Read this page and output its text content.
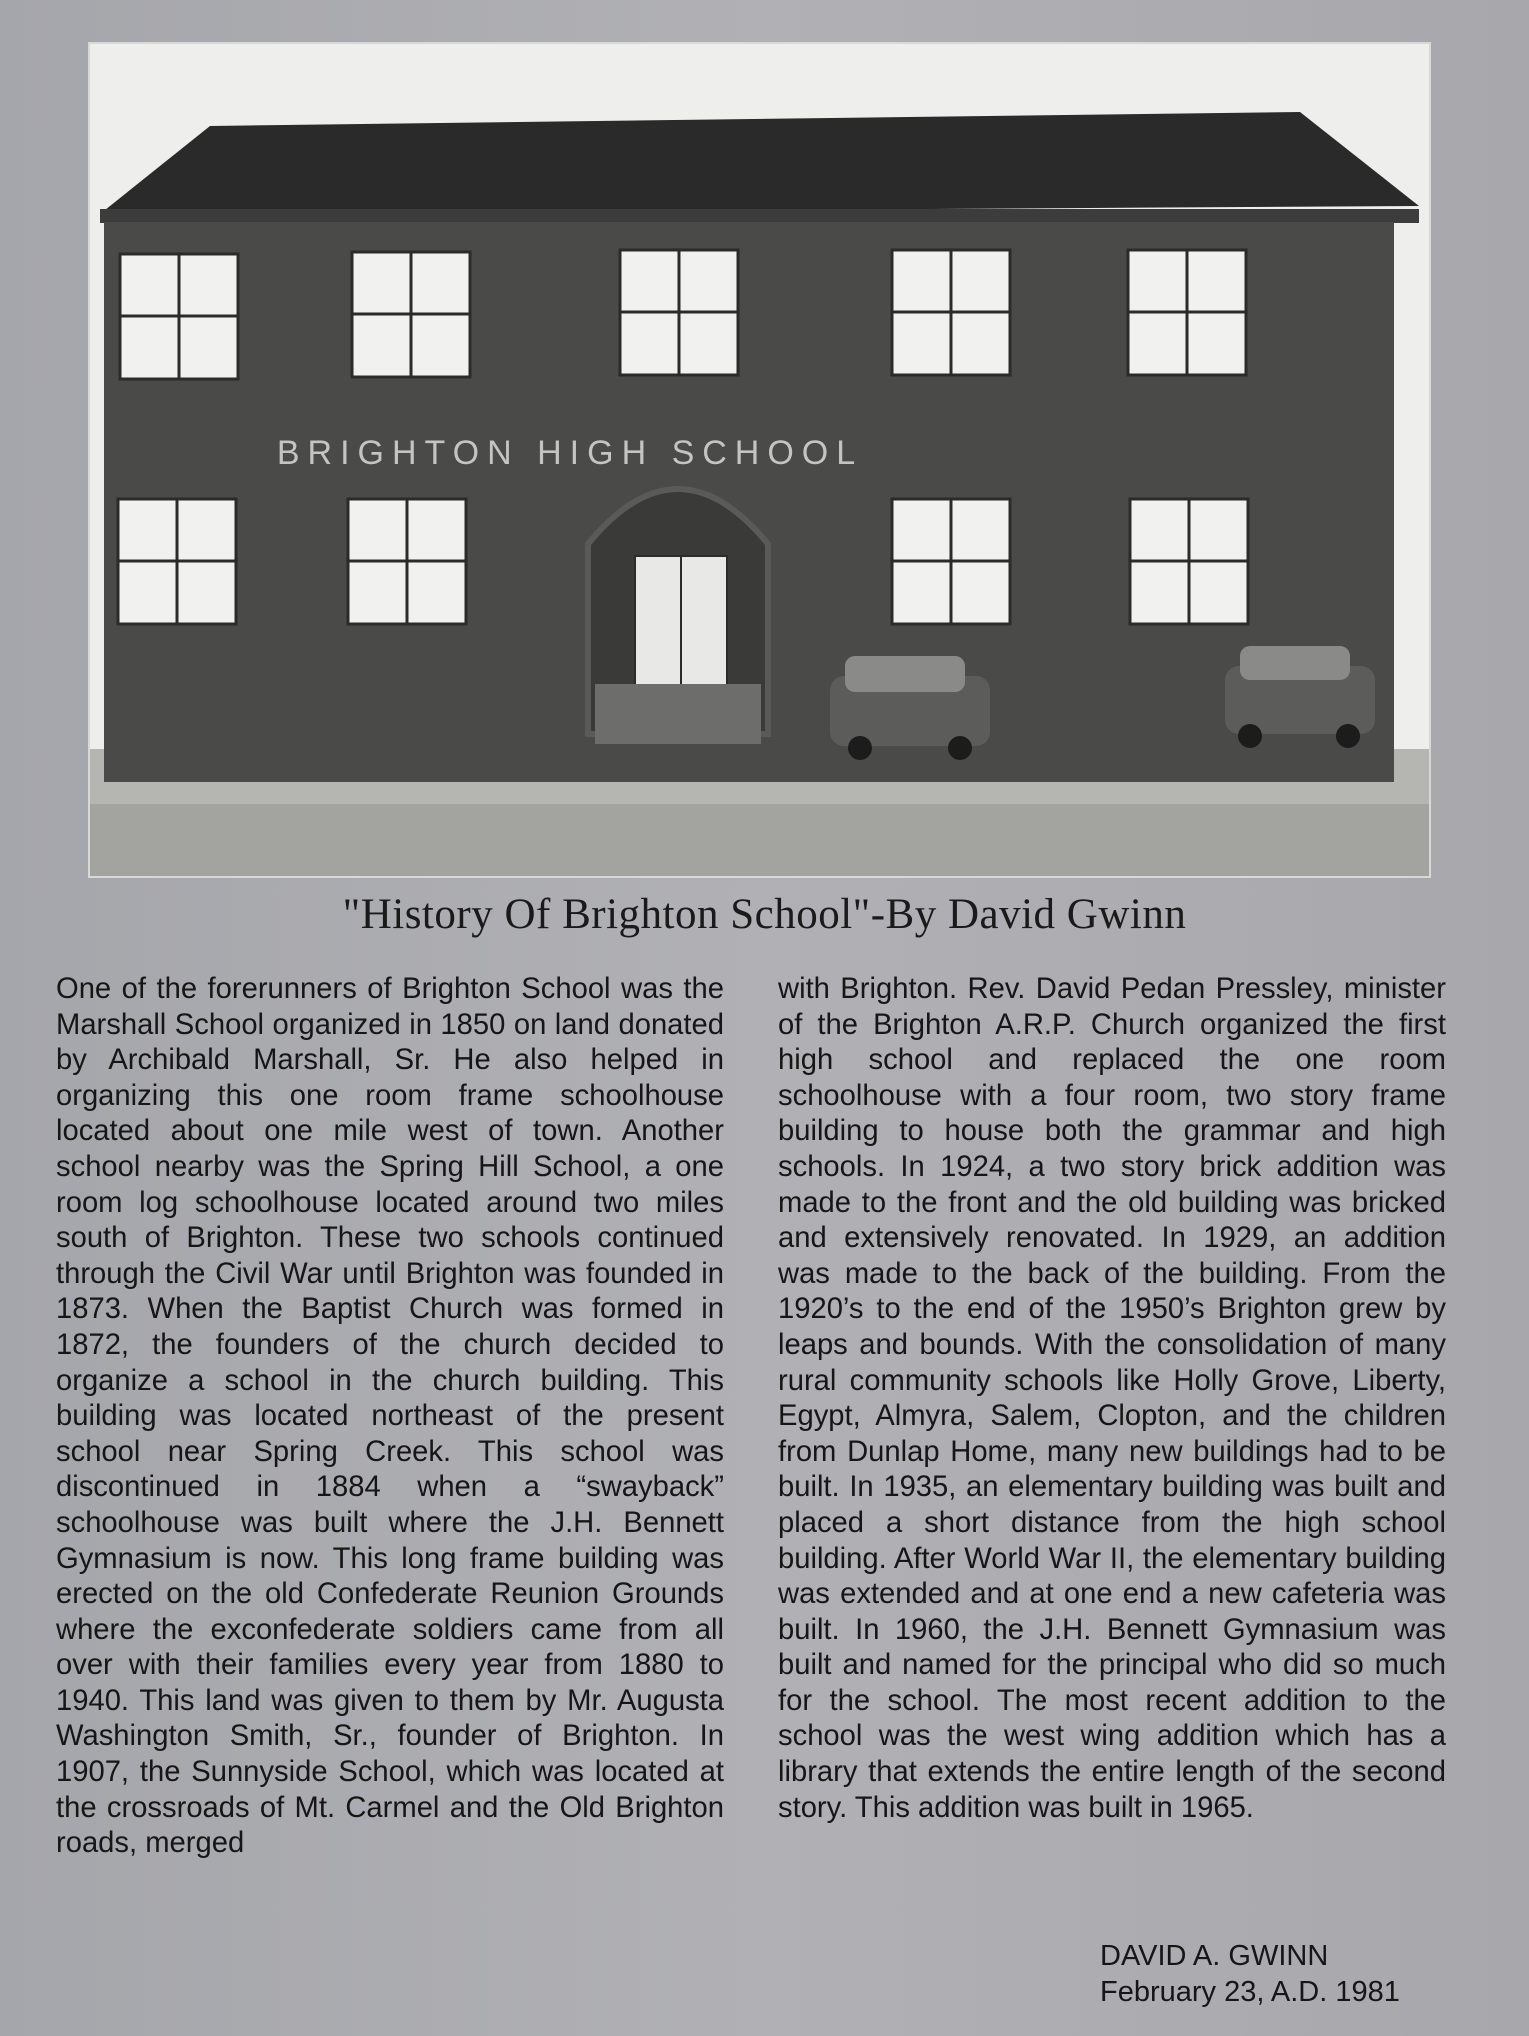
BRIGHTON HIGH SCHOOL
"History Of Brighton School"-By David Gwinn

One of the forerunners of Brighton School was the Marshall School organized in 1850 on land donated by Archibald Marshall, Sr. He also helped in organizing this one room frame schoolhouse located about one mile west of town. Another school nearby was the Spring Hill School, a one room log schoolhouse located around two miles south of Brighton. These two schools continued through the Civil War until Brighton was founded in 1873. When the Baptist Church was formed in 1872, the founders of the church decided to organize a school in the church building. This building was located northeast of the present school near Spring Creek. This school was discontinued in 1884 when a “swayback” schoolhouse was built where the J.H. Bennett Gymnasium is now. This long frame building was erected on the old Confederate Reunion Grounds where the exconfederate soldiers came from all over with their families every year from 1880 to 1940. This land was given to them by Mr. Augusta Washington Smith, Sr., founder of Brighton. In 1907, the Sunnyside School, which was located at the crossroads of Mt. Carmel and the Old Brighton roads, merged

with Brighton. Rev. David Pedan Pressley, minister of the Brighton A.R.P. Church organized the first high school and replaced the one room schoolhouse with a four room, two story frame building to house both the grammar and high schools. In 1924, a two story brick addition was made to the front and the old building was bricked and extensively renovated. In 1929, an addition was made to the back of the building. From the 1920’s to the end of the 1950’s Brighton grew by leaps and bounds. With the consolidation of many rural community schools like Holly Grove, Liberty, Egypt, Almyra, Salem, Clopton, and the children from Dunlap Home, many new buildings had to be built. In 1935, an elementary building was built and placed a short distance from the high school building. After World War II, the elementary building was extended and at one end a new cafeteria was built. In 1960, the J.H. Bennett Gymnasium was built and named for the principal who did so much for the school. The most recent addition to the school was the west wing addition which has a library that extends the entire length of the second story. This addition was built in 1965.

DAVID A. GWINN
February 23, A.D. 1981
